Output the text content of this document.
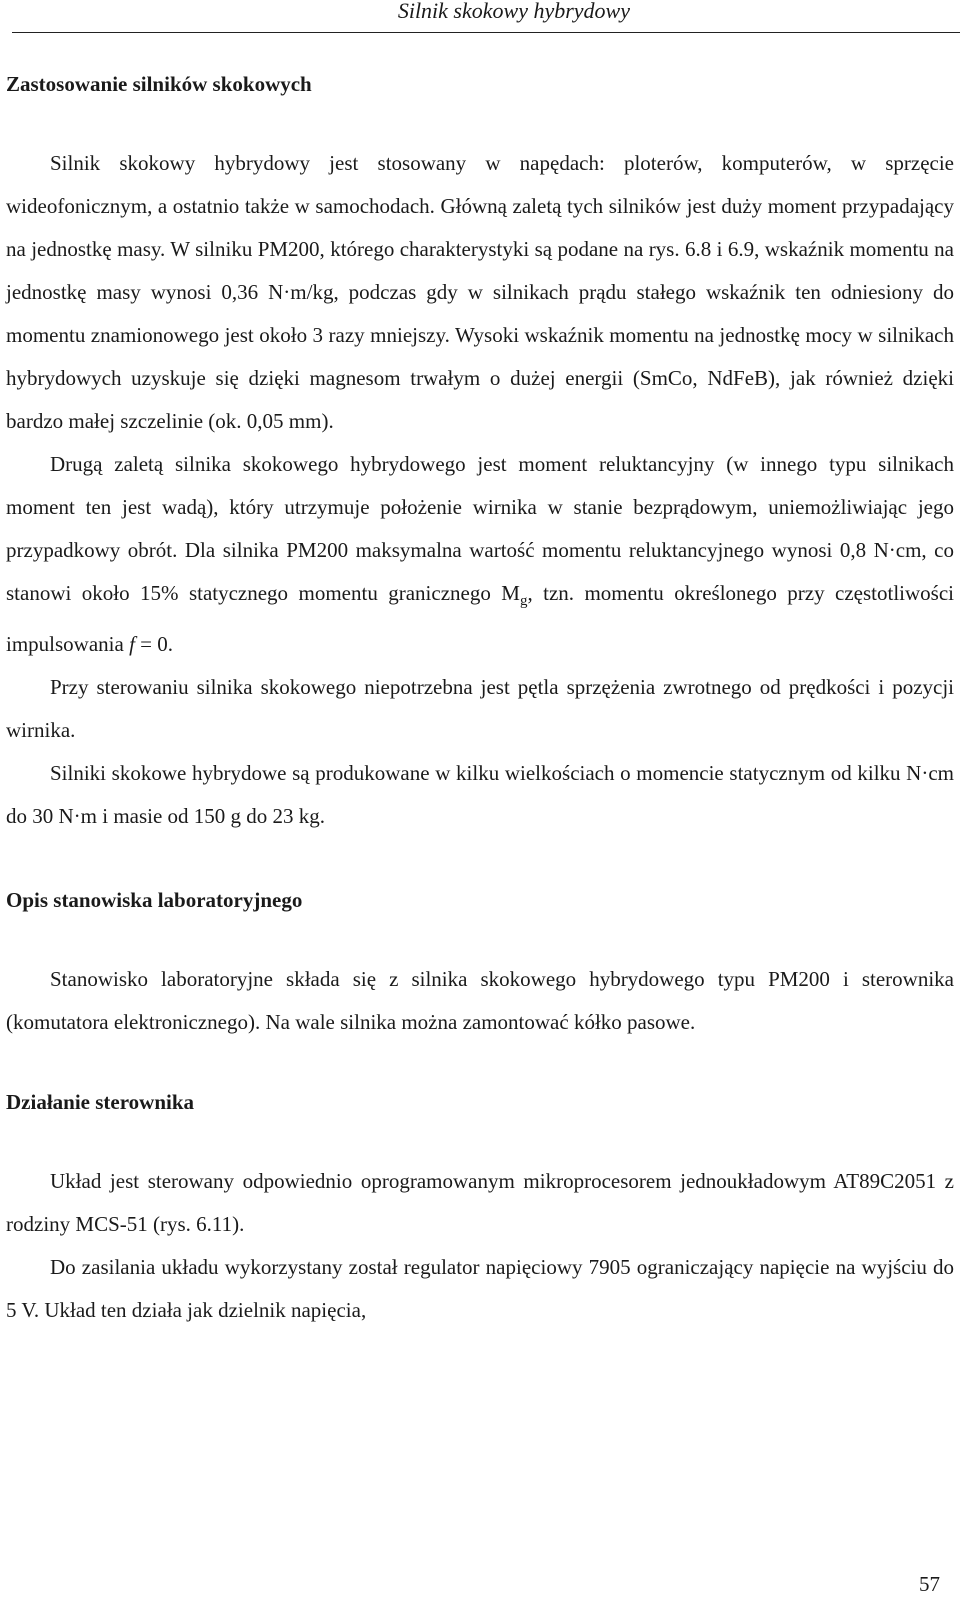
Silnik skokowy hybrydowy
Zastosowanie silników skokowych

Silnik skokowy hybrydowy jest stosowany w napędach: ploterów, komputerów, w sprzęcie wideofonicznym, a ostatnio także w samochodach. Główną zaletą tych silników jest duży moment przypadający na jednostkę masy. W silniku PM200, którego charakterystyki są podane na rys. 6.8 i 6.9, wskaźnik momentu na jednostkę masy wynosi 0,36 N·m/kg, podczas gdy w silnikach prądu stałego wskaźnik ten odniesiony do momentu znamionowego jest około 3 razy mniejszy. Wysoki wskaźnik momentu na jednostkę mocy w silnikach hybrydowych uzyskuje się dzięki magnesom trwałym o dużej energii (SmCo, NdFeB), jak również dzięki bardzo małej szczelinie (ok. 0,05 mm).

Drugą zaletą silnika skokowego hybrydowego jest moment reluktancyjny (w innego typu silnikach moment ten jest wadą), który utrzymuje położenie wirnika w stanie bezprądowym, uniemożliwiając jego przypadkowy obrót. Dla silnika PM200 maksymalna wartość momentu reluktancyjnego wynosi 0,8 N·cm, co stanowi około 15% statycznego momentu granicznego $M_g$, tzn. momentu określonego przy częstotliwości impulsowania f = 0.

Przy sterowaniu silnika skokowego niepotrzebna jest pętla sprzężenia zwrotnego od prędkości i pozycji wirnika.

Silniki skokowe hybrydowe są produkowane w kilku wielkościach o momencie statycznym od kilku N·cm do 30 N·m i masie od 150 g do 23 kg.

Opis stanowiska laboratoryjnego

Stanowisko laboratoryjne składa się z silnika skokowego hybrydowego typu PM200 i sterownika (komutatora elektronicznego). Na wale silnika można zamontować kółko pasowe.

Działanie sterownika

Układ jest sterowany odpowiednio oprogramowanym mikroprocesorem jednoukładowym AT89C2051 z rodziny MCS-51 (rys. 6.11).

Do zasilania układu wykorzystany został regulator napięciowy 7905 ograniczający napięcie na wyjściu do 5 V. Układ ten działa jak dzielnik napięcia,

57
